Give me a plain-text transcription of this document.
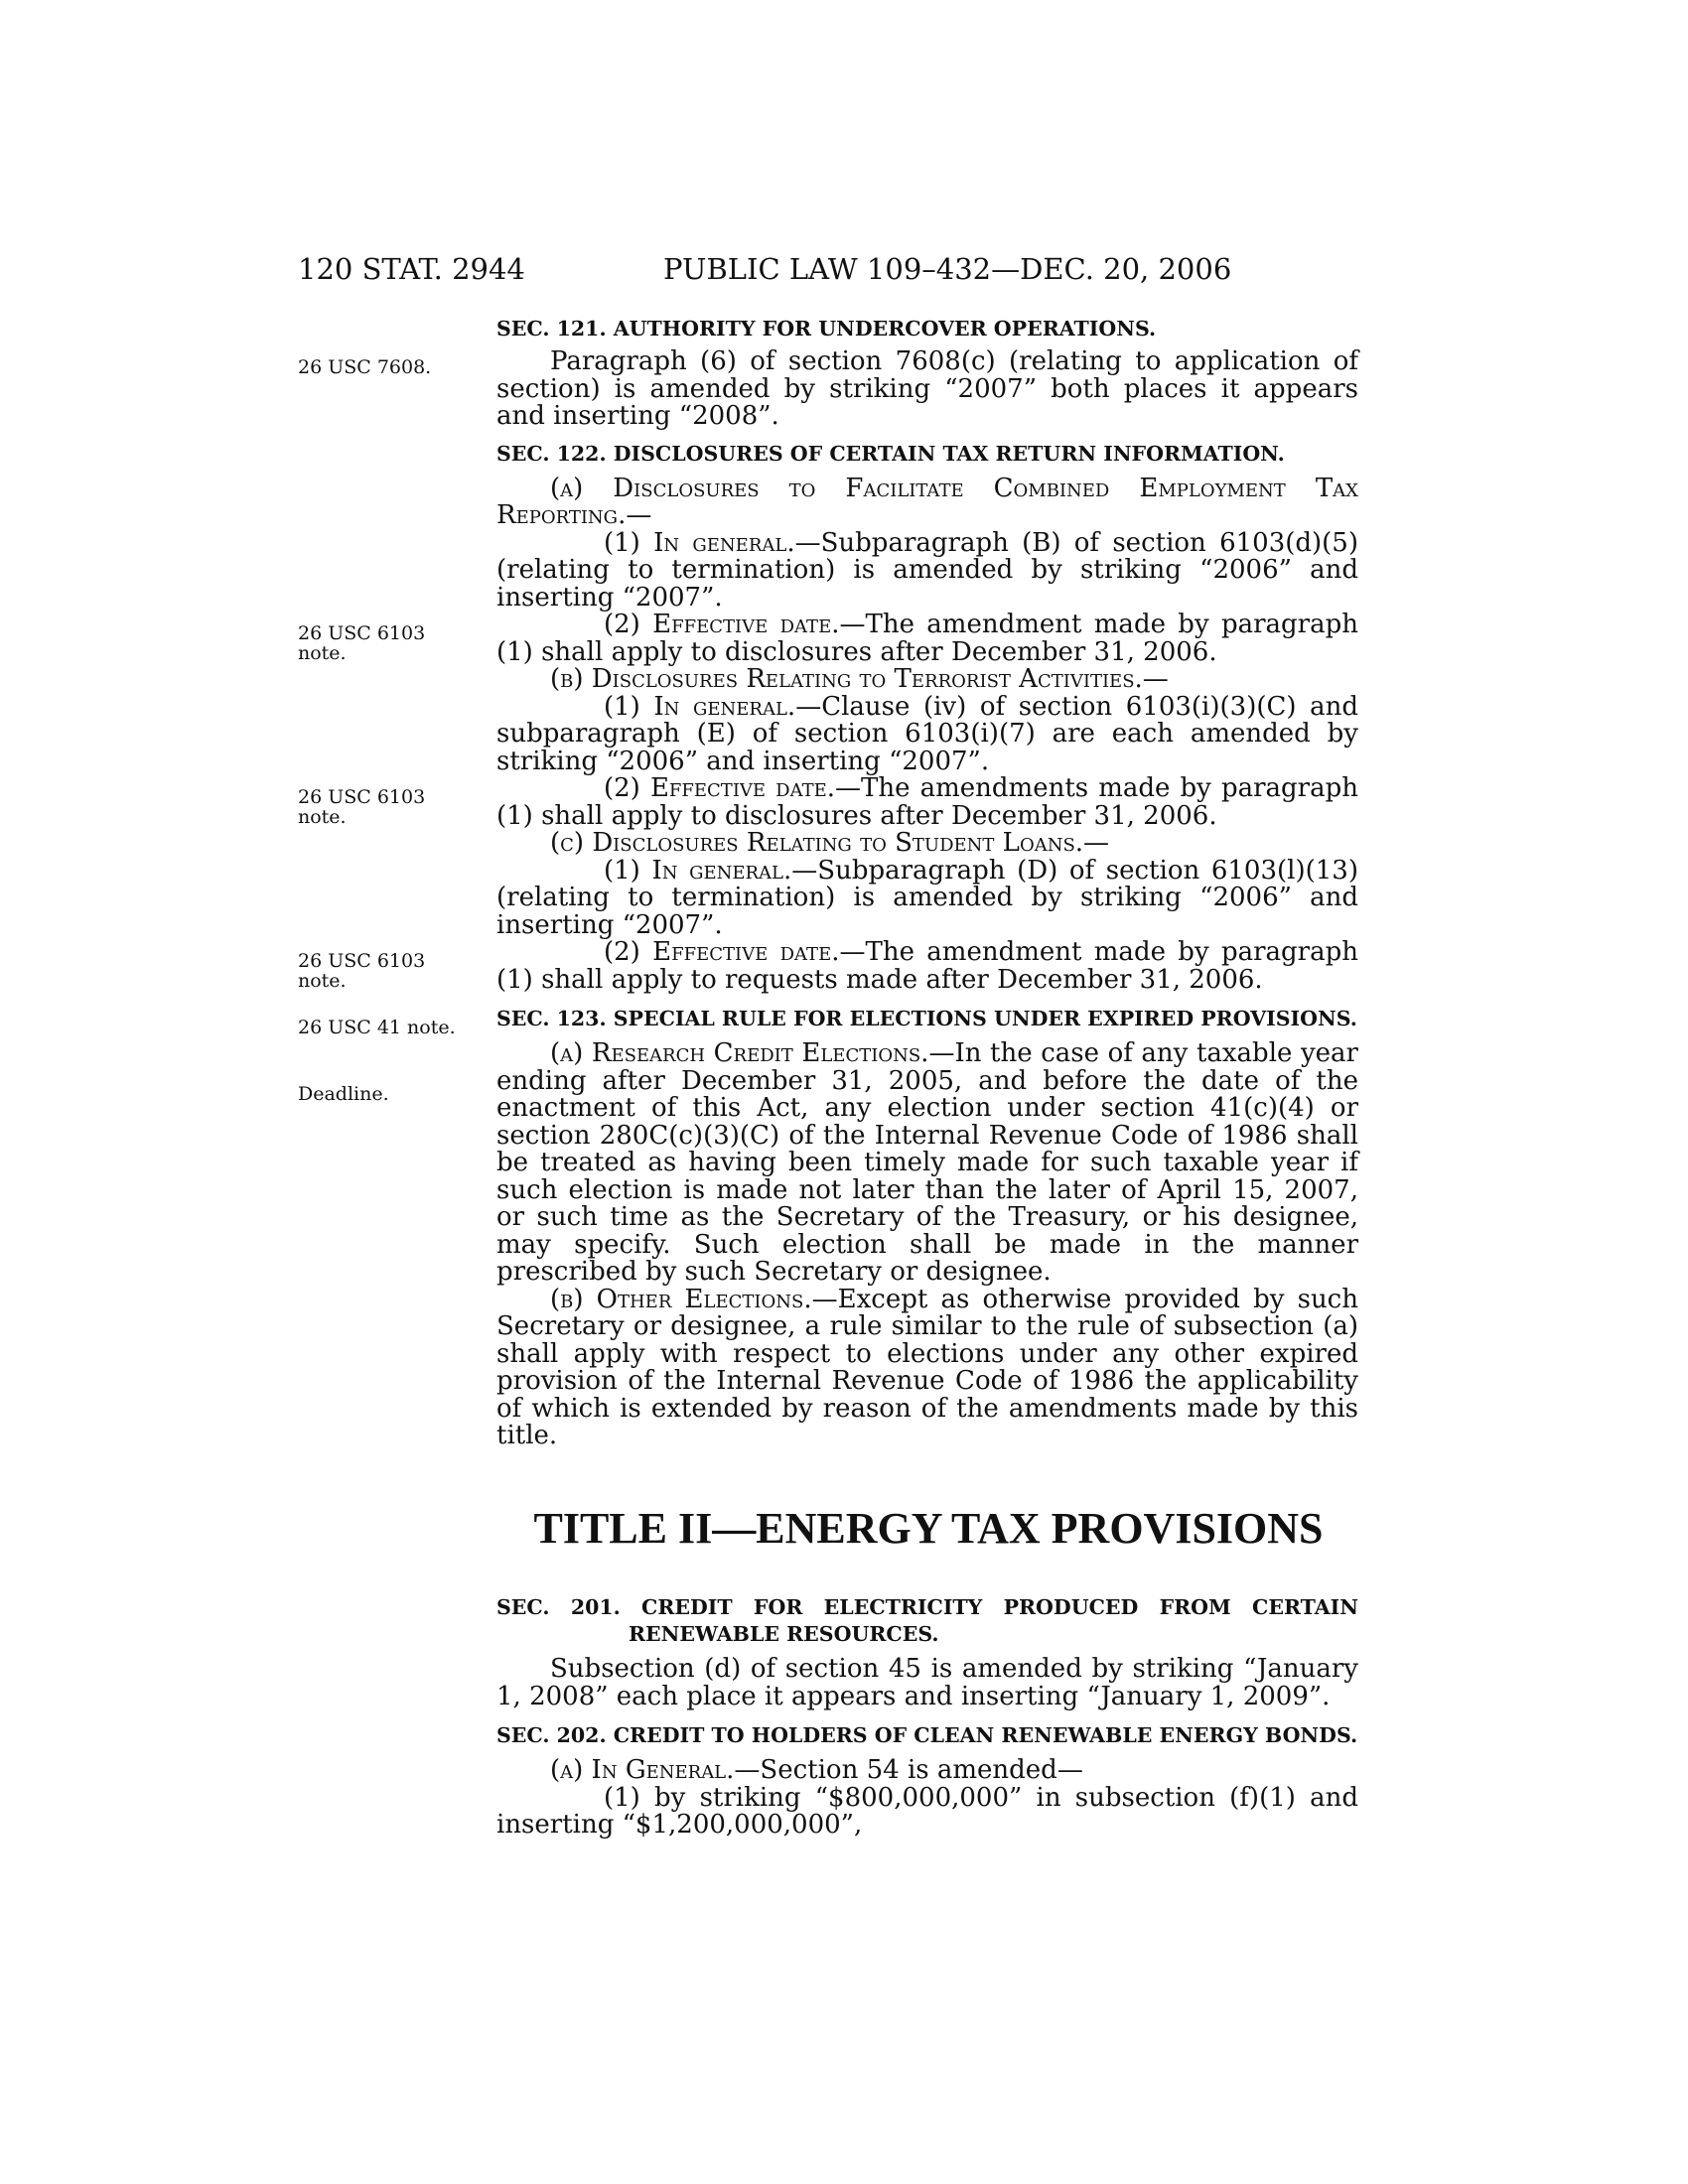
120 STAT. 2944	PUBLIC LAW 109–432—DEC. 20, 2006
26 USC 7608.
26 USC 6103
note.
26 USC 6103
note.
26 USC 6103
note.
26 USC 41 note.
Deadline.

SEC. 121. AUTHORITY FOR UNDERCOVER OPERATIONS.

Paragraph (6) of section 7608(c) (relating to application of section) is amended by striking “2007” both places it appears and inserting “2008”.

SEC. 122. DISCLOSURES OF CERTAIN TAX RETURN INFORMATION.

(a) Disclosures to Facilitate Combined Employment Tax Reporting.—

(1) In general.—Subparagraph (B) of section 6103(d)(5) (relating to termination) is amended by striking “2006” and inserting “2007”.

(2) Effective date.—The amendment made by paragraph (1) shall apply to disclosures after December 31, 2006.

(b) Disclosures Relating to Terrorist Activities.—

(1) In general.—Clause (iv) of section 6103(i)(3)(C) and subparagraph (E) of section 6103(i)(7) are each amended by striking “2006” and inserting “2007”.

(2) Effective date.—The amendments made by paragraph (1) shall apply to disclosures after December 31, 2006.

(c) Disclosures Relating to Student Loans.—

(1) In general.—Subparagraph (D) of section 6103(l)(13) (relating to termination) is amended by striking “2006” and inserting “2007”.

(2) Effective date.—The amendment made by paragraph (1) shall apply to requests made after December 31, 2006.

SEC. 123. SPECIAL RULE FOR ELECTIONS UNDER EXPIRED PROVISIONS.

(a) Research Credit Elections.—In the case of any taxable year ending after December 31, 2005, and before the date of the enactment of this Act, any election under section 41(c)(4) or section 280C(c)(3)(C) of the Internal Revenue Code of 1986 shall be treated as having been timely made for such taxable year if such election is made not later than the later of April 15, 2007, or such time as the Secretary of the Treasury, or his designee, may specify. Such election shall be made in the manner prescribed by such Secretary or designee.

(b) Other Elections.—Except as otherwise provided by such Secretary or designee, a rule similar to the rule of subsection (a) shall apply with respect to elections under any other expired provision of the Internal Revenue Code of 1986 the applicability of which is extended by reason of the amendments made by this title.

TITLE II—ENERGY TAX PROVISIONS

SEC. 201. CREDIT FOR ELECTRICITY PRODUCED FROM CERTAIN RENEWABLE RESOURCES.

Subsection (d) of section 45 is amended by striking “January 1, 2008” each place it appears and inserting “January 1, 2009”.

SEC. 202. CREDIT TO HOLDERS OF CLEAN RENEWABLE ENERGY BONDS.

(a) In General.—Section 54 is amended—

(1) by striking “$800,000,000” in subsection (f)(1) and inserting “$1,200,000,000”,
